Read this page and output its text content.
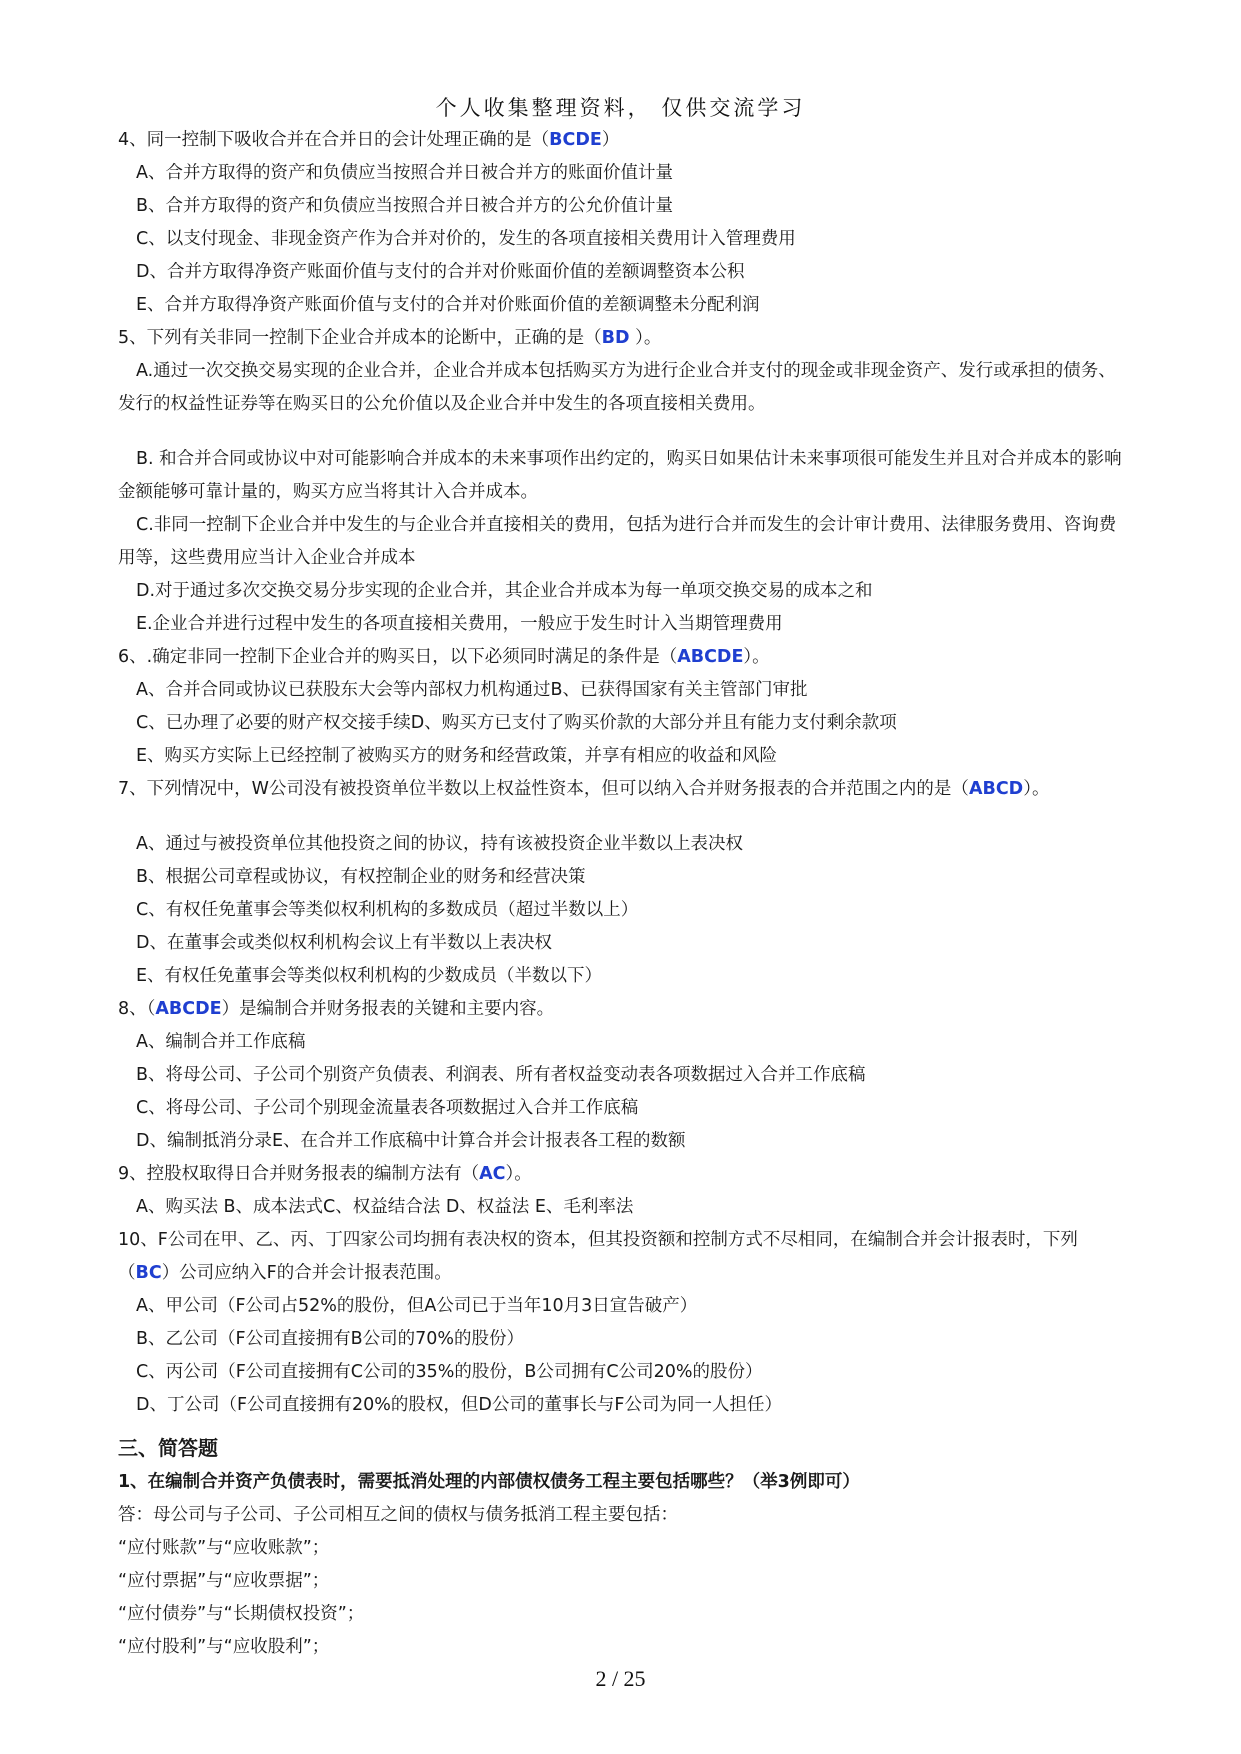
个人收集整理资料， 仅供交流学习
4、同一控制下吸收合并在合并日的会计处理正确的是（BCDE）
A、合并方取得的资产和负债应当按照合并日被合并方的账面价值计量
B、合并方取得的资产和负债应当按照合并日被合并方的公允价值计量
C、以支付现金、非现金资产作为合并对价的，发生的各项直接相关费用计入管理费用
D、合并方取得净资产账面价值与支付的合并对价账面价值的差额调整资本公积
E、合并方取得净资产账面价值与支付的合并对价账面价值的差额调整未分配利润
5、下列有关非同一控制下企业合并成本的论断中，正确的是（BD ）。
A.通过一次交换交易实现的企业合并，企业合并成本包括购买方为进行企业合并支付的现金或非现金资产、发行或承担的债务、发行的权益性证券等在购买日的公允价值以及企业合并中发生的各项直接相关费用。
B. 和合并合同或协议中对可能影响合并成本的未来事项作出约定的，购买日如果估计未来事项很可能发生并且对合并成本的影响金额能够可靠计量的，购买方应当将其计入合并成本。
C.非同一控制下企业合并中发生的与企业合并直接相关的费用，包括为进行合并而发生的会计审计费用、法律服务费用、咨询费用等，这些费用应当计入企业合并成本
D.对于通过多次交换交易分步实现的企业合并，其企业合并成本为每一单项交换交易的成本之和
E.企业合并进行过程中发生的各项直接相关费用，一般应于发生时计入当期管理费用
6、.确定非同一控制下企业合并的购买日，以下必须同时满足的条件是（ABCDE）。
A、合并合同或协议已获股东大会等内部权力机构通过B、已获得国家有关主管部门审批
C、已办理了必要的财产权交接手续D、购买方已支付了购买价款的大部分并且有能力支付剩余款项
E、购买方实际上已经控制了被购买方的财务和经营政策，并享有相应的收益和风险
7、下列情况中，W公司没有被投资单位半数以上权益性资本，但可以纳入合并财务报表的合并范围之内的是（ABCD）。
A、通过与被投资单位其他投资之间的协议，持有该被投资企业半数以上表决权
B、根据公司章程或协议，有权控制企业的财务和经营决策
C、有权任免董事会等类似权利机构的多数成员（超过半数以上）
D、在董事会或类似权利机构会议上有半数以上表决权
E、有权任免董事会等类似权利机构的少数成员（半数以下）
8、（ABCDE）是编制合并财务报表的关键和主要内容。
A、编制合并工作底稿
B、将母公司、子公司个别资产负债表、利润表、所有者权益变动表各项数据过入合并工作底稿
C、将母公司、子公司个别现金流量表各项数据过入合并工作底稿
D、编制抵消分录E、在合并工作底稿中计算合并会计报表各工程的数额
9、控股权取得日合并财务报表的编制方法有（AC）。
A、购买法 B、成本法式C、权益结合法 D、权益法 E、毛利率法
10、F公司在甲、乙、丙、丁四家公司均拥有表决权的资本，但其投资额和控制方式不尽相同，在编制合并会计报表时，下列（BC）公司应纳入F的合并会计报表范围。
A、甲公司（F公司占52%的股份，但A公司已于当年10月3日宣告破产）
B、乙公司（F公司直接拥有B公司的70%的股份）
C、丙公司（F公司直接拥有C公司的35%的股份，B公司拥有C公司20%的股份）
D、丁公司（F公司直接拥有20%的股权，但D公司的董事长与F公司为同一人担任）
三、简答题
1、在编制合并资产负债表时，需要抵消处理的内部债权债务工程主要包括哪些？（举3例即可）
答：母公司与子公司、子公司相互之间的债权与债务抵消工程主要包括：
“应付账款”与“应收账款”；
“应付票据”与“应收票据”；
“应付债券”与“长期债权投资”；
“应付股利”与“应收股利”；
2 / 25
